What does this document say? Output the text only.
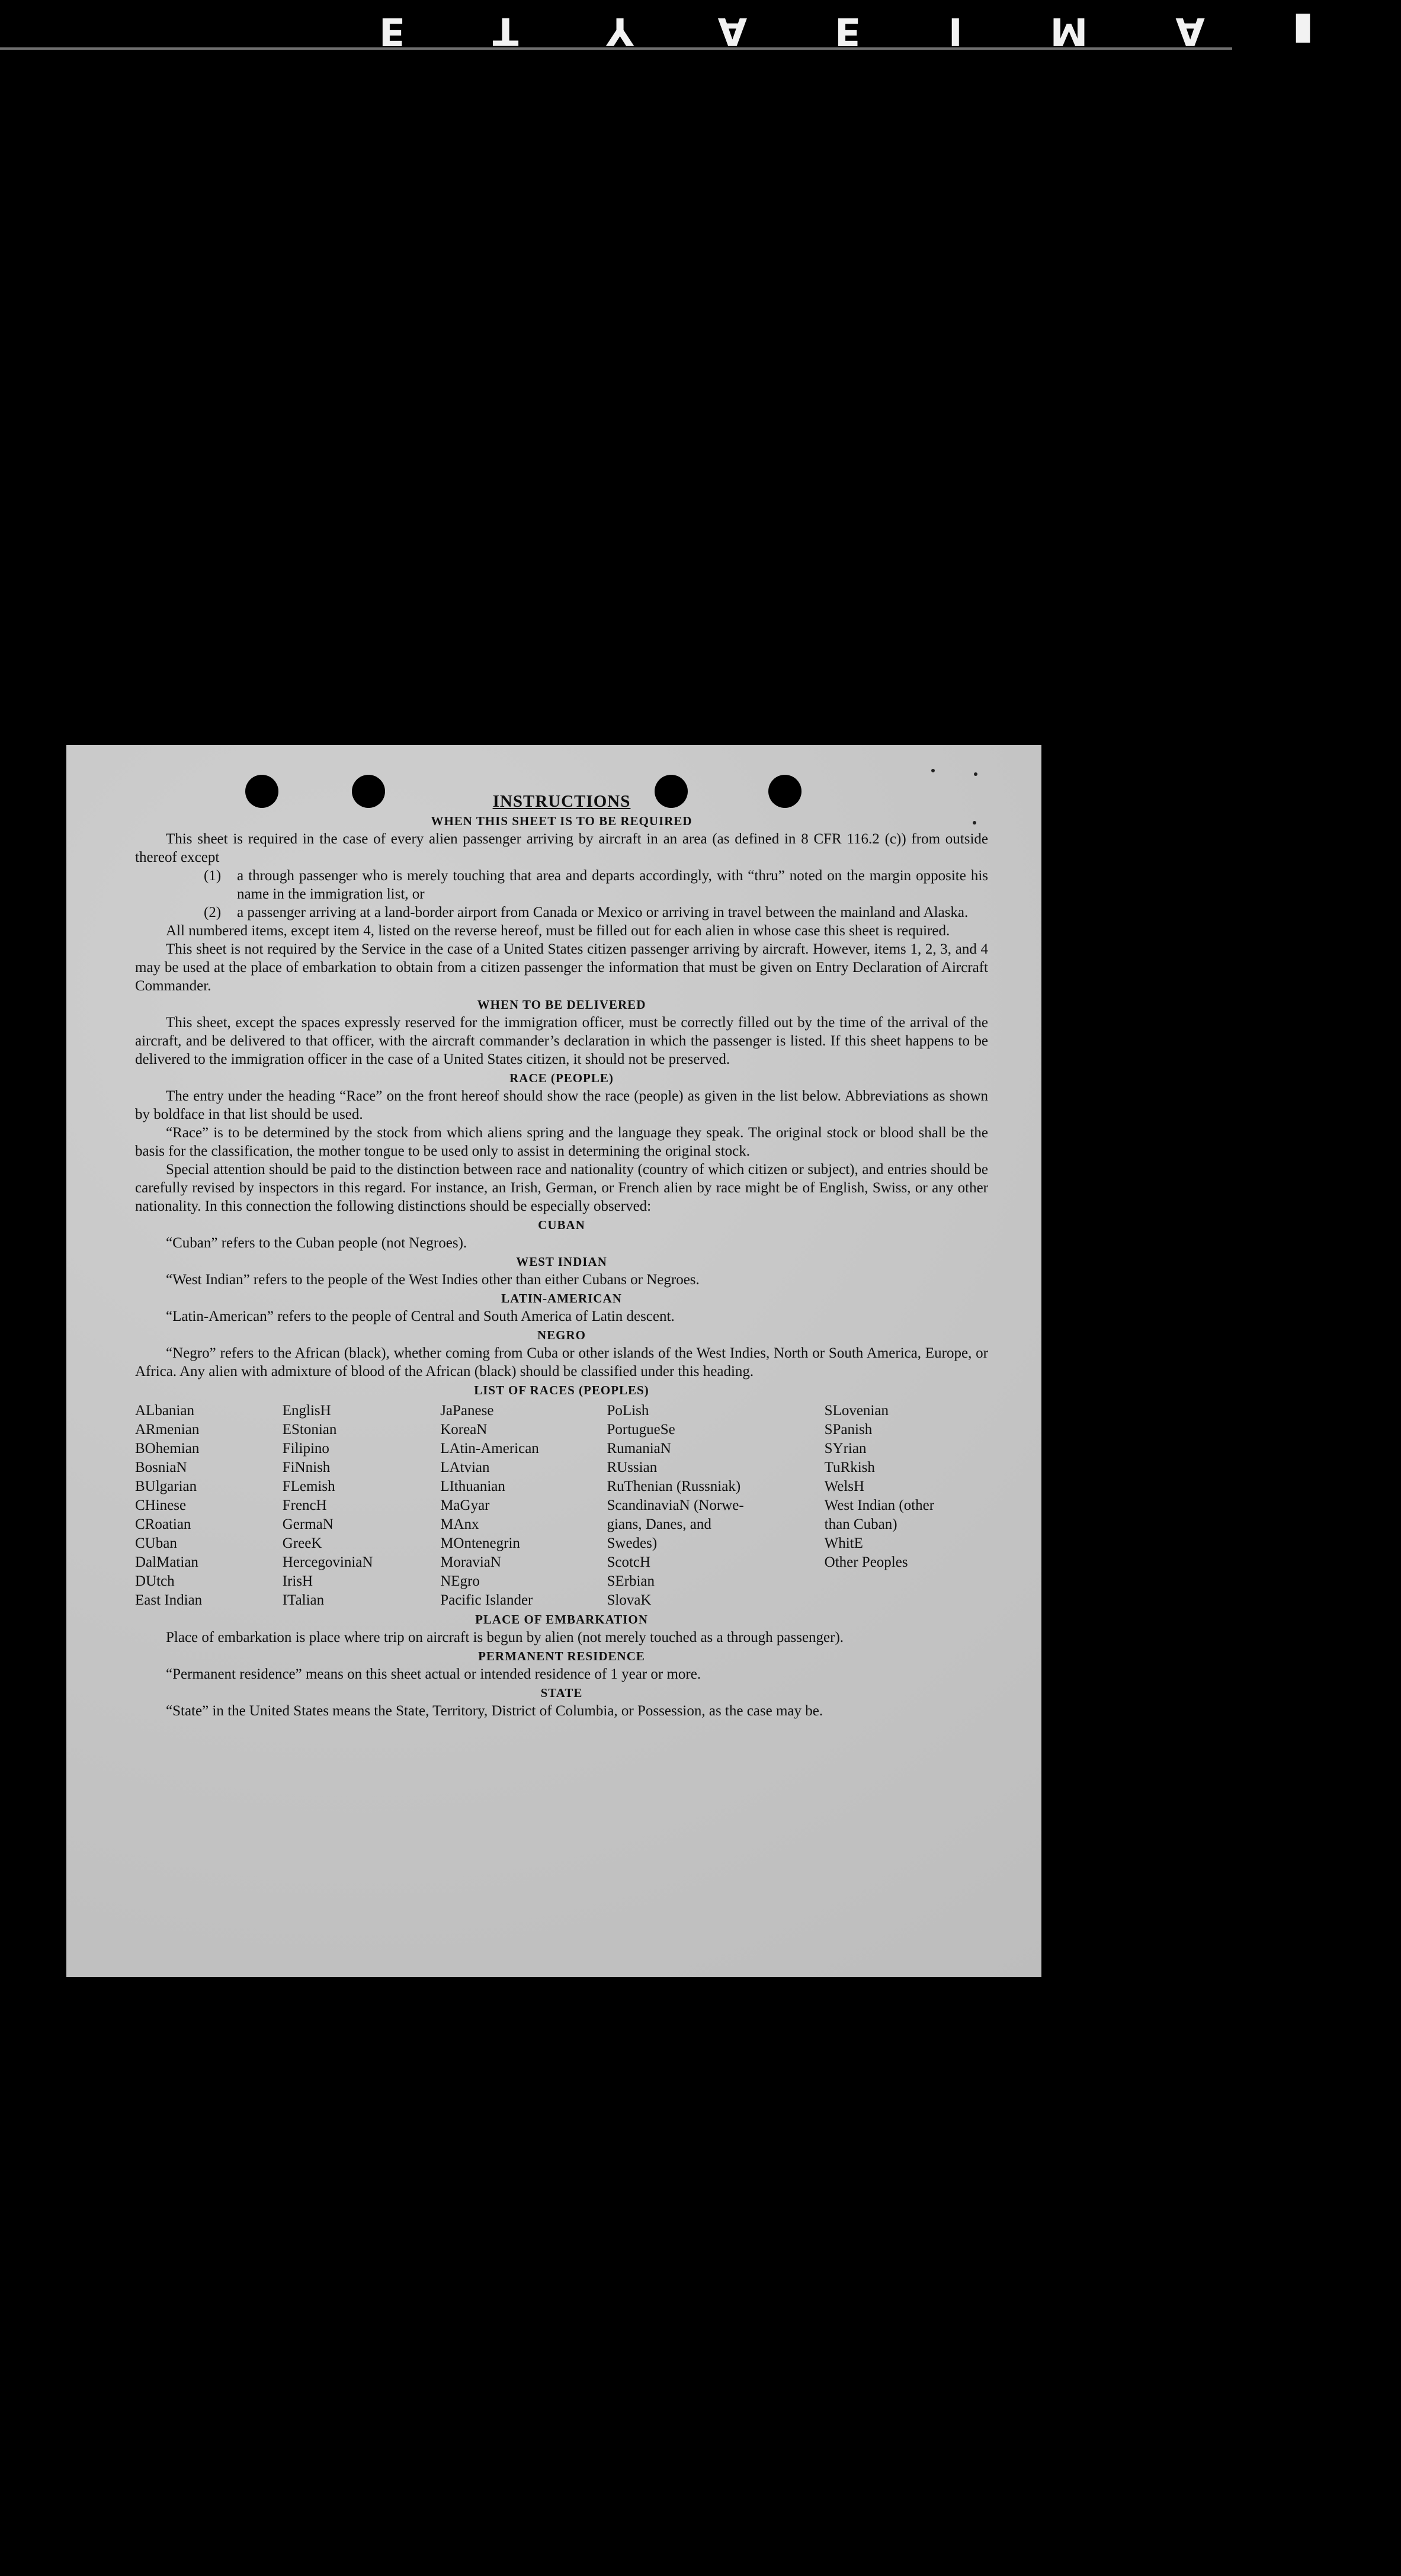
EТYAEIMA▮
INSTRUCTIONS
WHEN THIS SHEET IS TO BE REQUIRED

This sheet is required in the case of every alien passenger arriving by aircraft in an area (as defined in 8 CFR 116.2 (c)) from outside thereof except

(1)	a through passenger who is merely touching that area and departs accordingly, with “thru” noted on the margin opposite his name in the immigration list, or
(2)	a passenger arriving at a land-border airport from Canada or Mexico or arriving in travel between the mainland and Alaska.

All numbered items, except item 4, listed on the reverse hereof, must be filled out for each alien in whose case this sheet is required.

This sheet is not required by the Service in the case of a United States citizen passenger arriving by aircraft. However, items 1, 2, 3, and 4 may be used at the place of embarkation to obtain from a citizen passenger the information that must be given on Entry Declaration of Aircraft Commander.

WHEN TO BE DELIVERED

This sheet, except the spaces expressly reserved for the immigration officer, must be correctly filled out by the time of the arrival of the aircraft, and be delivered to that officer, with the aircraft commander’s declaration in which the passenger is listed. If this sheet happens to be delivered to the immigration officer in the case of a United States citizen, it should not be preserved.

RACE (PEOPLE)

The entry under the heading “Race” on the front hereof should show the race (people) as given in the list below. Abbreviations as shown by boldface in that list should be used.

“Race” is to be determined by the stock from which aliens spring and the language they speak. The original stock or blood shall be the basis for the classification, the mother tongue to be used only to assist in determining the original stock.

Special attention should be paid to the distinction between race and nationality (country of which citizen or subject), and entries should be carefully revised by inspectors in this regard. For instance, an Irish, German, or French alien by race might be of English, Swiss, or any other nationality. In this connection the following distinctions should be especially observed:

CUBAN

“Cuban” refers to the Cuban people (not Negroes).

WEST INDIAN

“West Indian” refers to the people of the West Indies other than either Cubans or Negroes.

LATIN-AMERICAN

“Latin-American” refers to the people of Central and South America of Latin descent.

NEGRO

“Negro” refers to the African (black), whether coming from Cuba or other islands of the West Indies, North or South America, Europe, or Africa. Any alien with admixture of blood of the African (black) should be classified under this heading.

LIST OF RACES (PEOPLES)
ALbanian
ARmenian
BOhemian
BosniaN
BUlgarian
CHinese
CRoatian
CUban
DalMatian
DUtch
East Indian
EnglisH
EStonian
Filipino
FiNnish
FLemish
FrencH
GermaN
GreeK
HercegoviniaN
IrisH
ITalian
JaPanese
KoreaN
LAtin-American
LAtvian
LIthuanian
MaGyar
MAnx
MOntenegrin
MoraviaN
NEgro
Pacific Islander
PoLish
PortugueSe
RumaniaN
RUssian
RuThenian (Russniak)
ScandinaviaN (Norwe-
gians, Danes, and
Swedes)
ScotcH
SErbian
SlovaK
SLovenian
SPanish
SYrian
TuRkish
WelsH
West Indian (other
than Cuban)
WhitE
Other Peoples
PLACE OF EMBARKATION

Place of embarkation is place where trip on aircraft is begun by alien (not merely touched as a through passenger).

PERMANENT RESIDENCE

“Permanent residence” means on this sheet actual or intended residence of 1 year or more.

STATE

“State” in the United States means the State, Territory, District of Columbia, or Possession, as the case may be.
